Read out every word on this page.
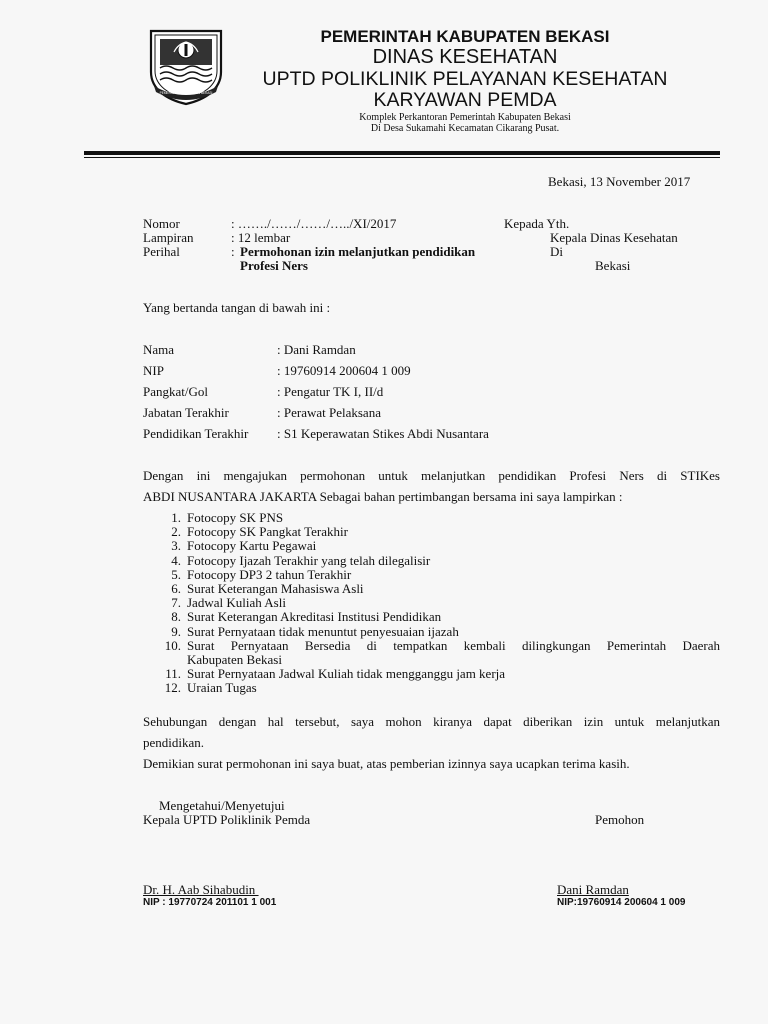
PEMERINTAH KABUPATEN BEKASI
PEMERINTAH KABUPATEN BEKASI
DINAS KESEHATAN
UPTD POLIKLINIK PELAYANAN KESEHATAN
KARYAWAN PEMDA
Komplek Perkantoran Pemerintah Kabupaten Bekasi
Di Desa Sukamahi Kecamatan Cikarang Pusat.
Bekasi, 13 November 2017
Nomor	: ……./……/……/…../XI/2017
Lampiran	: 12 lembar
Perihal	: Permohonan izin melanjutkan pendidikan
Profesi Ners
Kepada Yth.
Kepala Dinas Kesehatan
Di
Bekasi
Yang bertanda tangan di bawah ini :
Nama	: Dani Ramdan
NIP	: 19760914 200604 1 009
Pangkat/Gol	: Pengatur TK I, II/d
Jabatan Terakhir	: Perawat Pelaksana
Pendidikan Terakhir : S1 Keperawatan Stikes Abdi Nusantara
Dengan ini mengajukan permohonan untuk melanjutkan pendidikan Profesi Ners di STIKes
ABDI NUSANTARA JAKARTA Sebagai bahan pertimbangan bersama ini saya lampirkan :
1. Fotocopy SK PNS
2. Fotocopy SK Pangkat Terakhir
3. Fotocopy Kartu Pegawai
4. Fotocopy Ijazah Terakhir yang telah dilegalisir
5. Fotocopy DP3 2 tahun Terakhir
6. Surat Keterangan Mahasiswa Asli
7. Jadwal Kuliah Asli
8. Surat Keterangan Akreditasi Institusi Pendidikan
9. Surat Pernyataan tidak menuntut penyesuaian ijazah
10. Surat Pernyataan Bersedia di tempatkan kembali dilingkungan Pemerintah Daerah
Kabupaten Bekasi
11. Surat Pernyataan Jadwal Kuliah tidak mengganggu jam kerja
12. Uraian Tugas
Sehubungan dengan hal tersebut, saya mohon kiranya dapat diberikan izin untuk melanjutkan
pendidikan.
Demikian surat permohonan ini saya buat, atas pemberian izinnya saya ucapkan terima kasih.
Mengetahui/Menyetujui
Kepala UPTD Poliklinik Pemda	Pemohon
Dr. H. Aab Sihabudin
NIP : 19770724 201101 1 001
Dani Ramdan
NIP:19760914 200604 1 009
